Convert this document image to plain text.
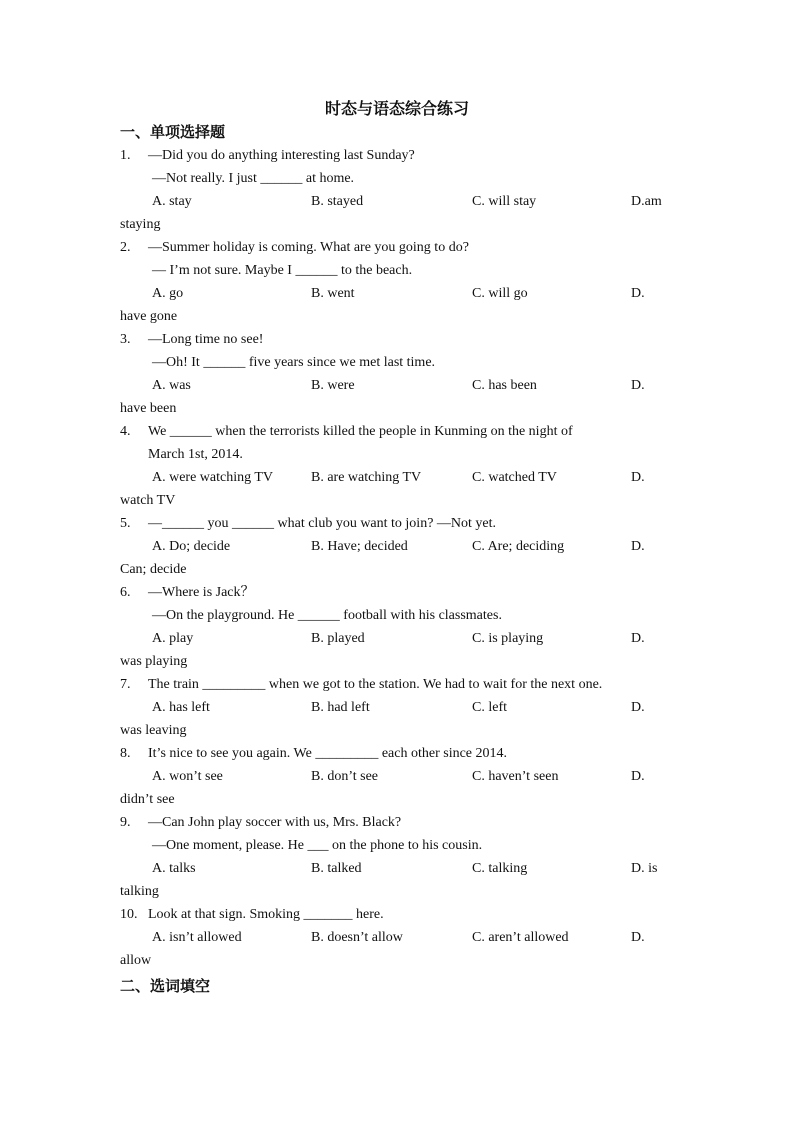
时态与语态综合练习
一、单项选择题
1. —Did you do anything interesting last Sunday?
—Not really. I just ______ at home.
A. stay	B. stayed	C. will stay	D.am
staying
2. —Summer holiday is coming. What are you going to do?
— I’m not sure. Maybe I ______ to the beach.
A. go	B. went	C. will go	D.
have gone
3. —Long time no see!
—Oh! It ______ five years since we met last time.
A. was	B. were	C. has been	D.
have been
4. We ______ when the terrorists killed the people in Kunming on the night of
March 1st, 2014.
A. were watching TV	B. are watching TV	C. watched TV	D.
watch TV
5. —______ you ______ what club you want to join? —Not yet.
A. Do; decide	B. Have; decided	C. Are; deciding	D.
Can; decide
6. —Where is Jack？
—On the playground. He ______ football with his classmates.
A. play	B. played	C. is playing	D.
was playing
7. The train _________ when we got to the station. We had to wait for the next one.
A. has left	B. had left	C. left	D.
was leaving
8. It’s nice to see you again. We _________ each other since 2014.
A. won’t see	B. don’t see	C. haven’t seen	D.
didn’t see
9. —Can John play soccer with us, Mrs. Black?
—One moment, please. He ___ on the phone to his cousin.
A. talks	B. talked	C. talking	D. is
talking
10. Look at that sign. Smoking _______ here.
A. isn’t allowed	B. doesn’t allow	C. aren’t allowed	D.
allow
二、选词填空
